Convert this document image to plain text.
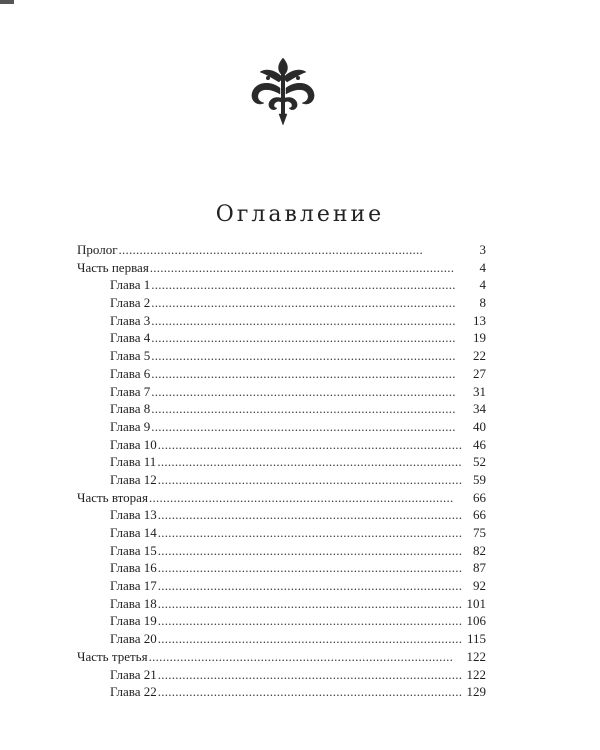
Оглавление
Пролог . . .	3
Часть первая . . .	4
Глава 1 . . .	4
Глава 2 . . .	8
Глава 3 . . .	13
Глава 4 . . .	19
Глава 5 . . .	22
Глава 6 . . .	27
Глава 7 . . .	31
Глава 8 . . .	34
Глава 9 . . .	40
Глава 10 . . .	46
Глава 11 . . .	52
Глава 12 . . .	59
Часть вторая . . .	66
Глава 13 . . .	66
Глава 14 . . .	75
Глава 15 . . .	82
Глава 16 . . .	87
Глава 17 . . .	92
Глава 18 . . .	101
Глава 19 . . .	106
Глава 20 . . .	115
Часть третья . . .	122
Глава 21 . . .	122
Глава 22 . . .	129
